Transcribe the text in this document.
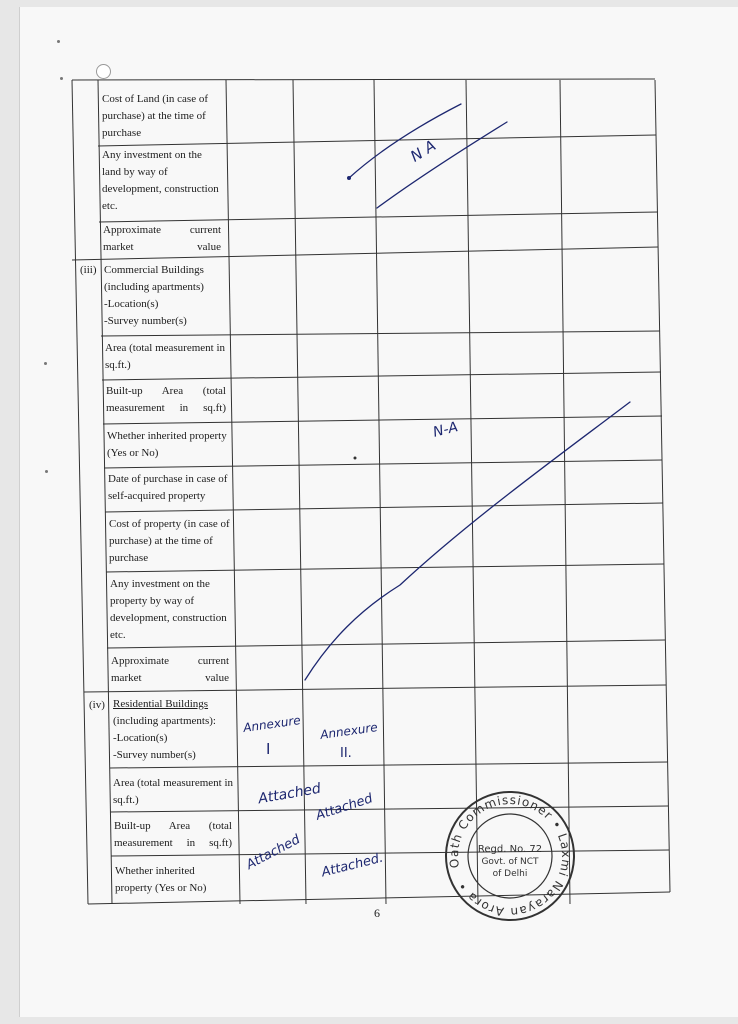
Cost of Land (in case of purchase) at the time of purchase
Any investment on the land by way of development, construction etc.
Approximate current market value
(iii) Commercial Buildings
(including apartments)
-Location(s)
-Survey number(s)
Area (total measurement in sq.ft.)
Built-up Area (total measurement in sq.ft)
Whether inherited property (Yes or No)
Date of purchase in case of self-acquired property
Cost of property (in case of purchase) at the time of purchase
Any investment on the property by way of development, construction etc.
Approximate current market value
(iv) Residential Buildings
(including apartments):
-Location(s)
-Survey number(s)
Area (total measurement in sq.ft.)
Built-up Area (total measurement in sq.ft)
Whether inherited property (Yes or No)
N A
N-A
Annexure
I
Annexure
II.
Attached
Attached
Attached Attached.	Oath Commissioner • Laxmi Narayan Arora •
Regd. No. 72
Govt. of NCT
of Delhi
6
